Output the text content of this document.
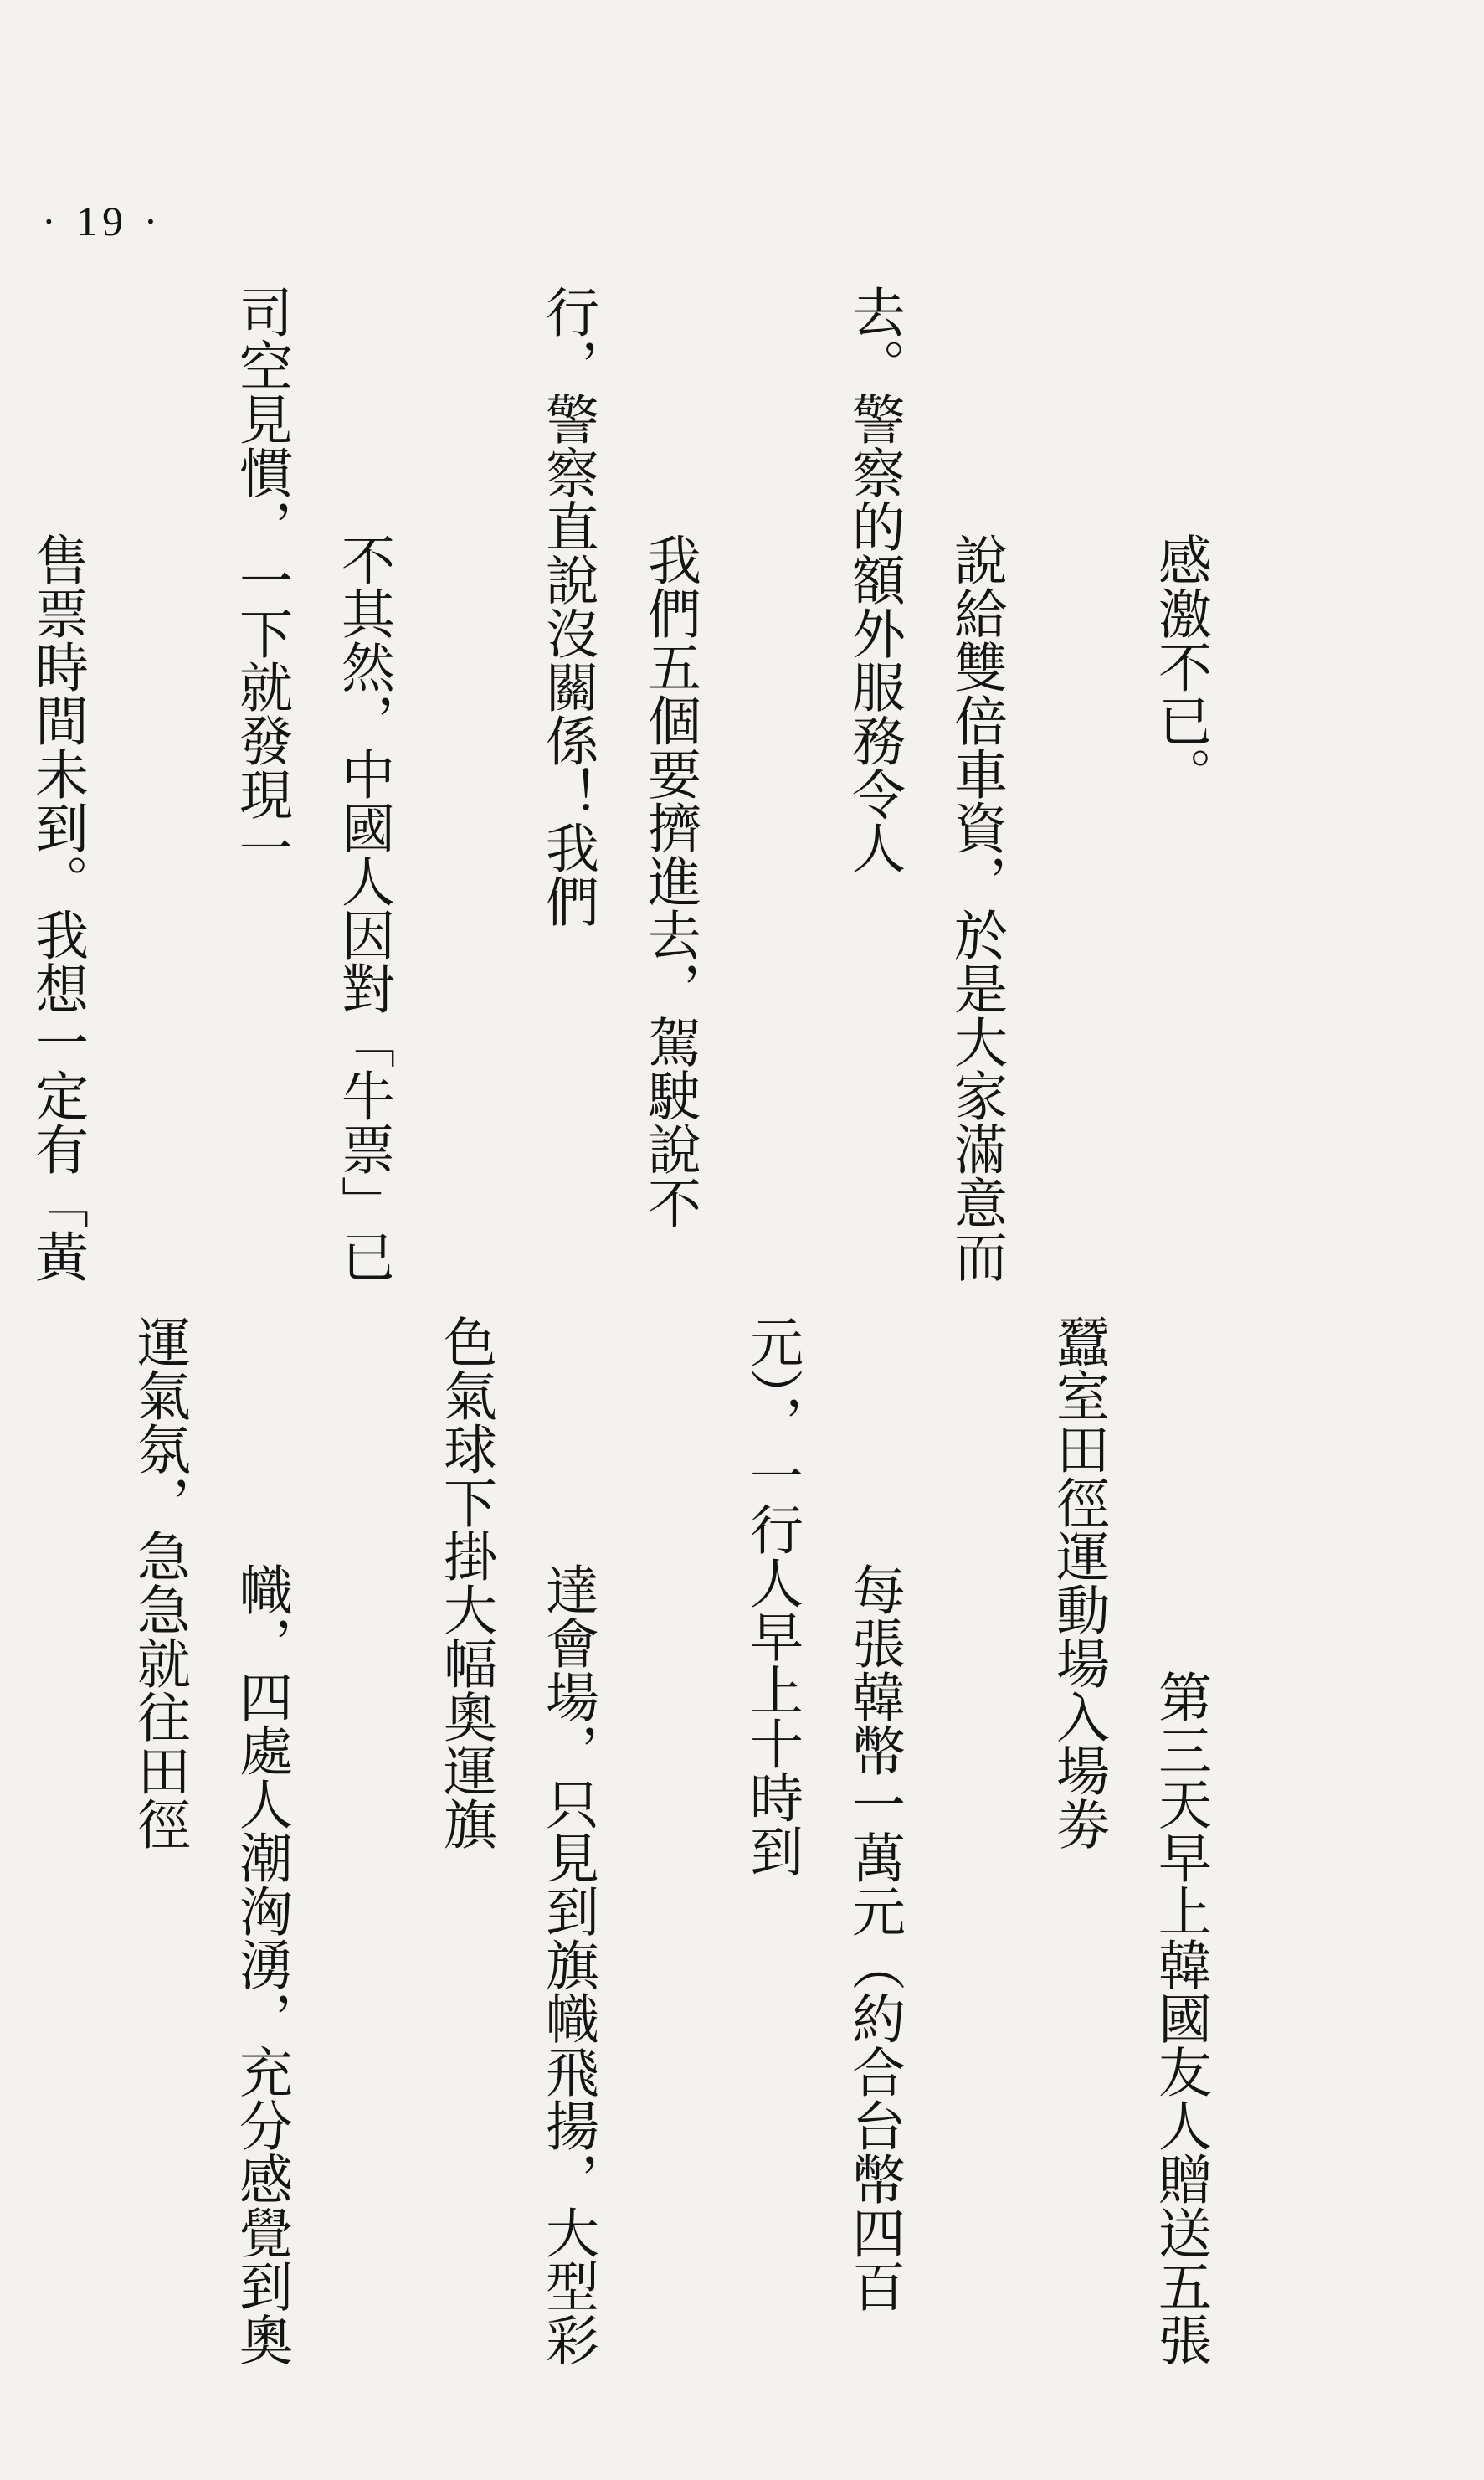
· 19 ·

感激不已。

說給雙倍車資，於是大家滿意而去。警察的額外服務令人

我們五個要擠進去，駕駛說不行，警察直說沒關係！我們

不其然，中國人因對「牛票」已司空見慣，一下就發現一

售票時間未到。我想一定有「黃

　　第三天早上韓國友人贈送五張蠶室田徑運動場入場劵

每張韓幣一萬元（約合台幣四百元），一行人早上十時到

達會場，只見到旗幟飛揚，大型彩色氣球下掛大幅奧運旗

幟，四處人潮洶湧，充分感覺到奧運氣氛，急急就往田徑
